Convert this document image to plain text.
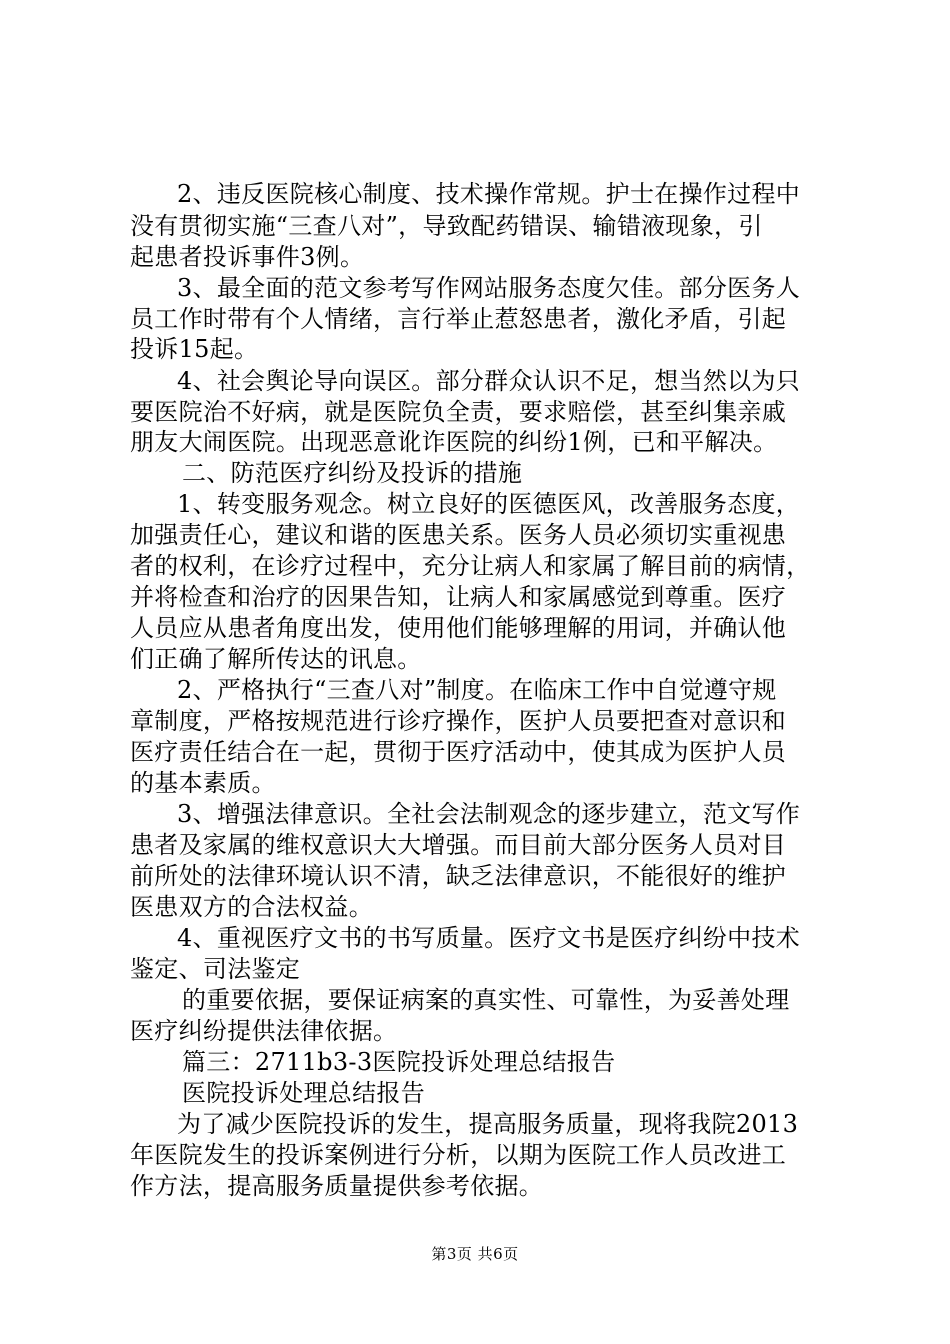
2、违反医院核心制度、技术操作常规。护士在操作过程中
没有贯彻实施“三查八对”，导致配药错误、输错液现象，引
起患者投诉事件3例。
3、最全面的范文参考写作网站服务态度欠佳。部分医务人
员工作时带有个人情绪，言行举止惹怒患者，激化矛盾，引起
投诉15起。
4、社会舆论导向误区。部分群众认识不足，想当然以为只
要医院治不好病，就是医院负全责，要求赔偿，甚至纠集亲戚
朋友大闹医院。出现恶意讹诈医院的纠纷1例，已和平解决。
二、防范医疗纠纷及投诉的措施
1、转变服务观念。树立良好的医德医风，改善服务态度，
加强责任心，建议和谐的医患关系。医务人员必须切实重视患
者的权利，在诊疗过程中，充分让病人和家属了解目前的病情，
并将检查和治疗的因果告知，让病人和家属感觉到尊重。医疗
人员应从患者角度出发，使用他们能够理解的用词，并确认他
们正确了解所传达的讯息。
2、严格执行“三查八对”制度。在临床工作中自觉遵守规
章制度，严格按规范进行诊疗操作，医护人员要把查对意识和
医疗责任结合在一起，贯彻于医疗活动中，使其成为医护人员
的基本素质。
3、增强法律意识。全社会法制观念的逐步建立，范文写作
患者及家属的维权意识大大增强。而目前大部分医务人员对目
前所处的法律环境认识不清，缺乏法律意识，不能很好的维护
医患双方的合法权益。
4、重视医疗文书的书写质量。医疗文书是医疗纠纷中技术
鉴定、司法鉴定
的重要依据，要保证病案的真实性、可靠性，为妥善处理
医疗纠纷提供法律依据。
篇三：2711b3-3医院投诉处理总结报告
医院投诉处理总结报告
为了减少医院投诉的发生，提高服务质量，现将我院2013
年医院发生的投诉案例进行分析，以期为医院工作人员改进工
作方法，提高服务质量提供参考依据。
第3页 共6页
